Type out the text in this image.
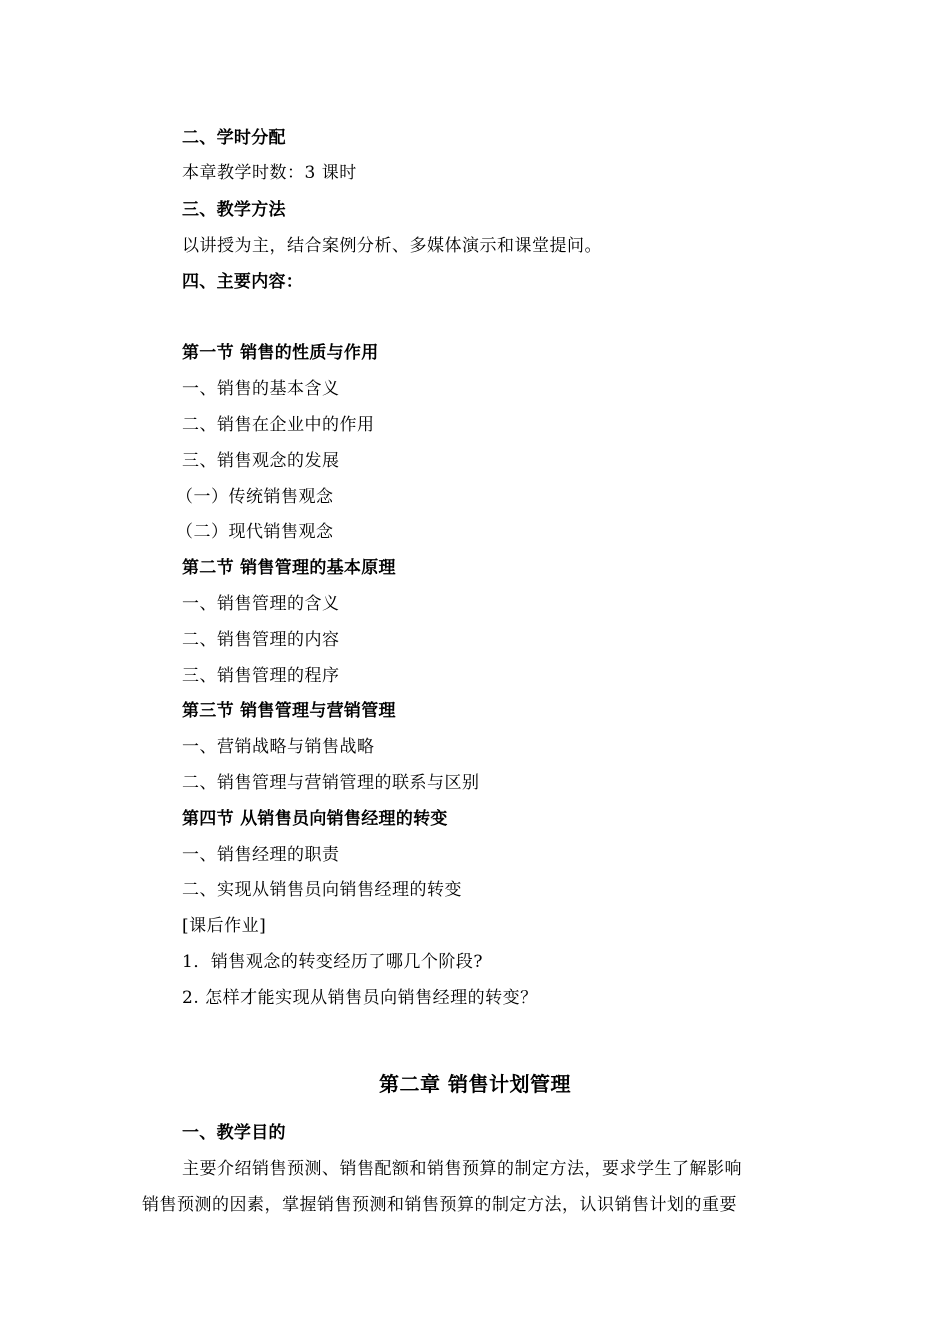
二、学时分配
本章教学时数：3 课时
三、教学方法
以讲授为主，结合案例分析、多媒体演示和课堂提问。
四、主要内容：
第一节 销售的性质与作用
一、销售的基本含义
二、销售在企业中的作用
三、销售观念的发展
（一）传统销售观念
（二）现代销售观念
第二节 销售管理的基本原理
一、销售管理的含义
二、销售管理的内容
三、销售管理的程序
第三节 销售管理与营销管理
一、营销战略与销售战略
二、销售管理与营销管理的联系与区别
第四节 从销售员向销售经理的转变
一、销售经理的职责
二、实现从销售员向销售经理的转变
[课后作业]
1．销售观念的转变经历了哪几个阶段?
2. 怎样才能实现从销售员向销售经理的转变？
第二章 销售计划管理
一、教学目的
主要介绍销售预测、销售配额和销售预算的制定方法，要求学生了解影响
销售预测的因素，掌握销售预测和销售预算的制定方法，认识销售计划的重要
